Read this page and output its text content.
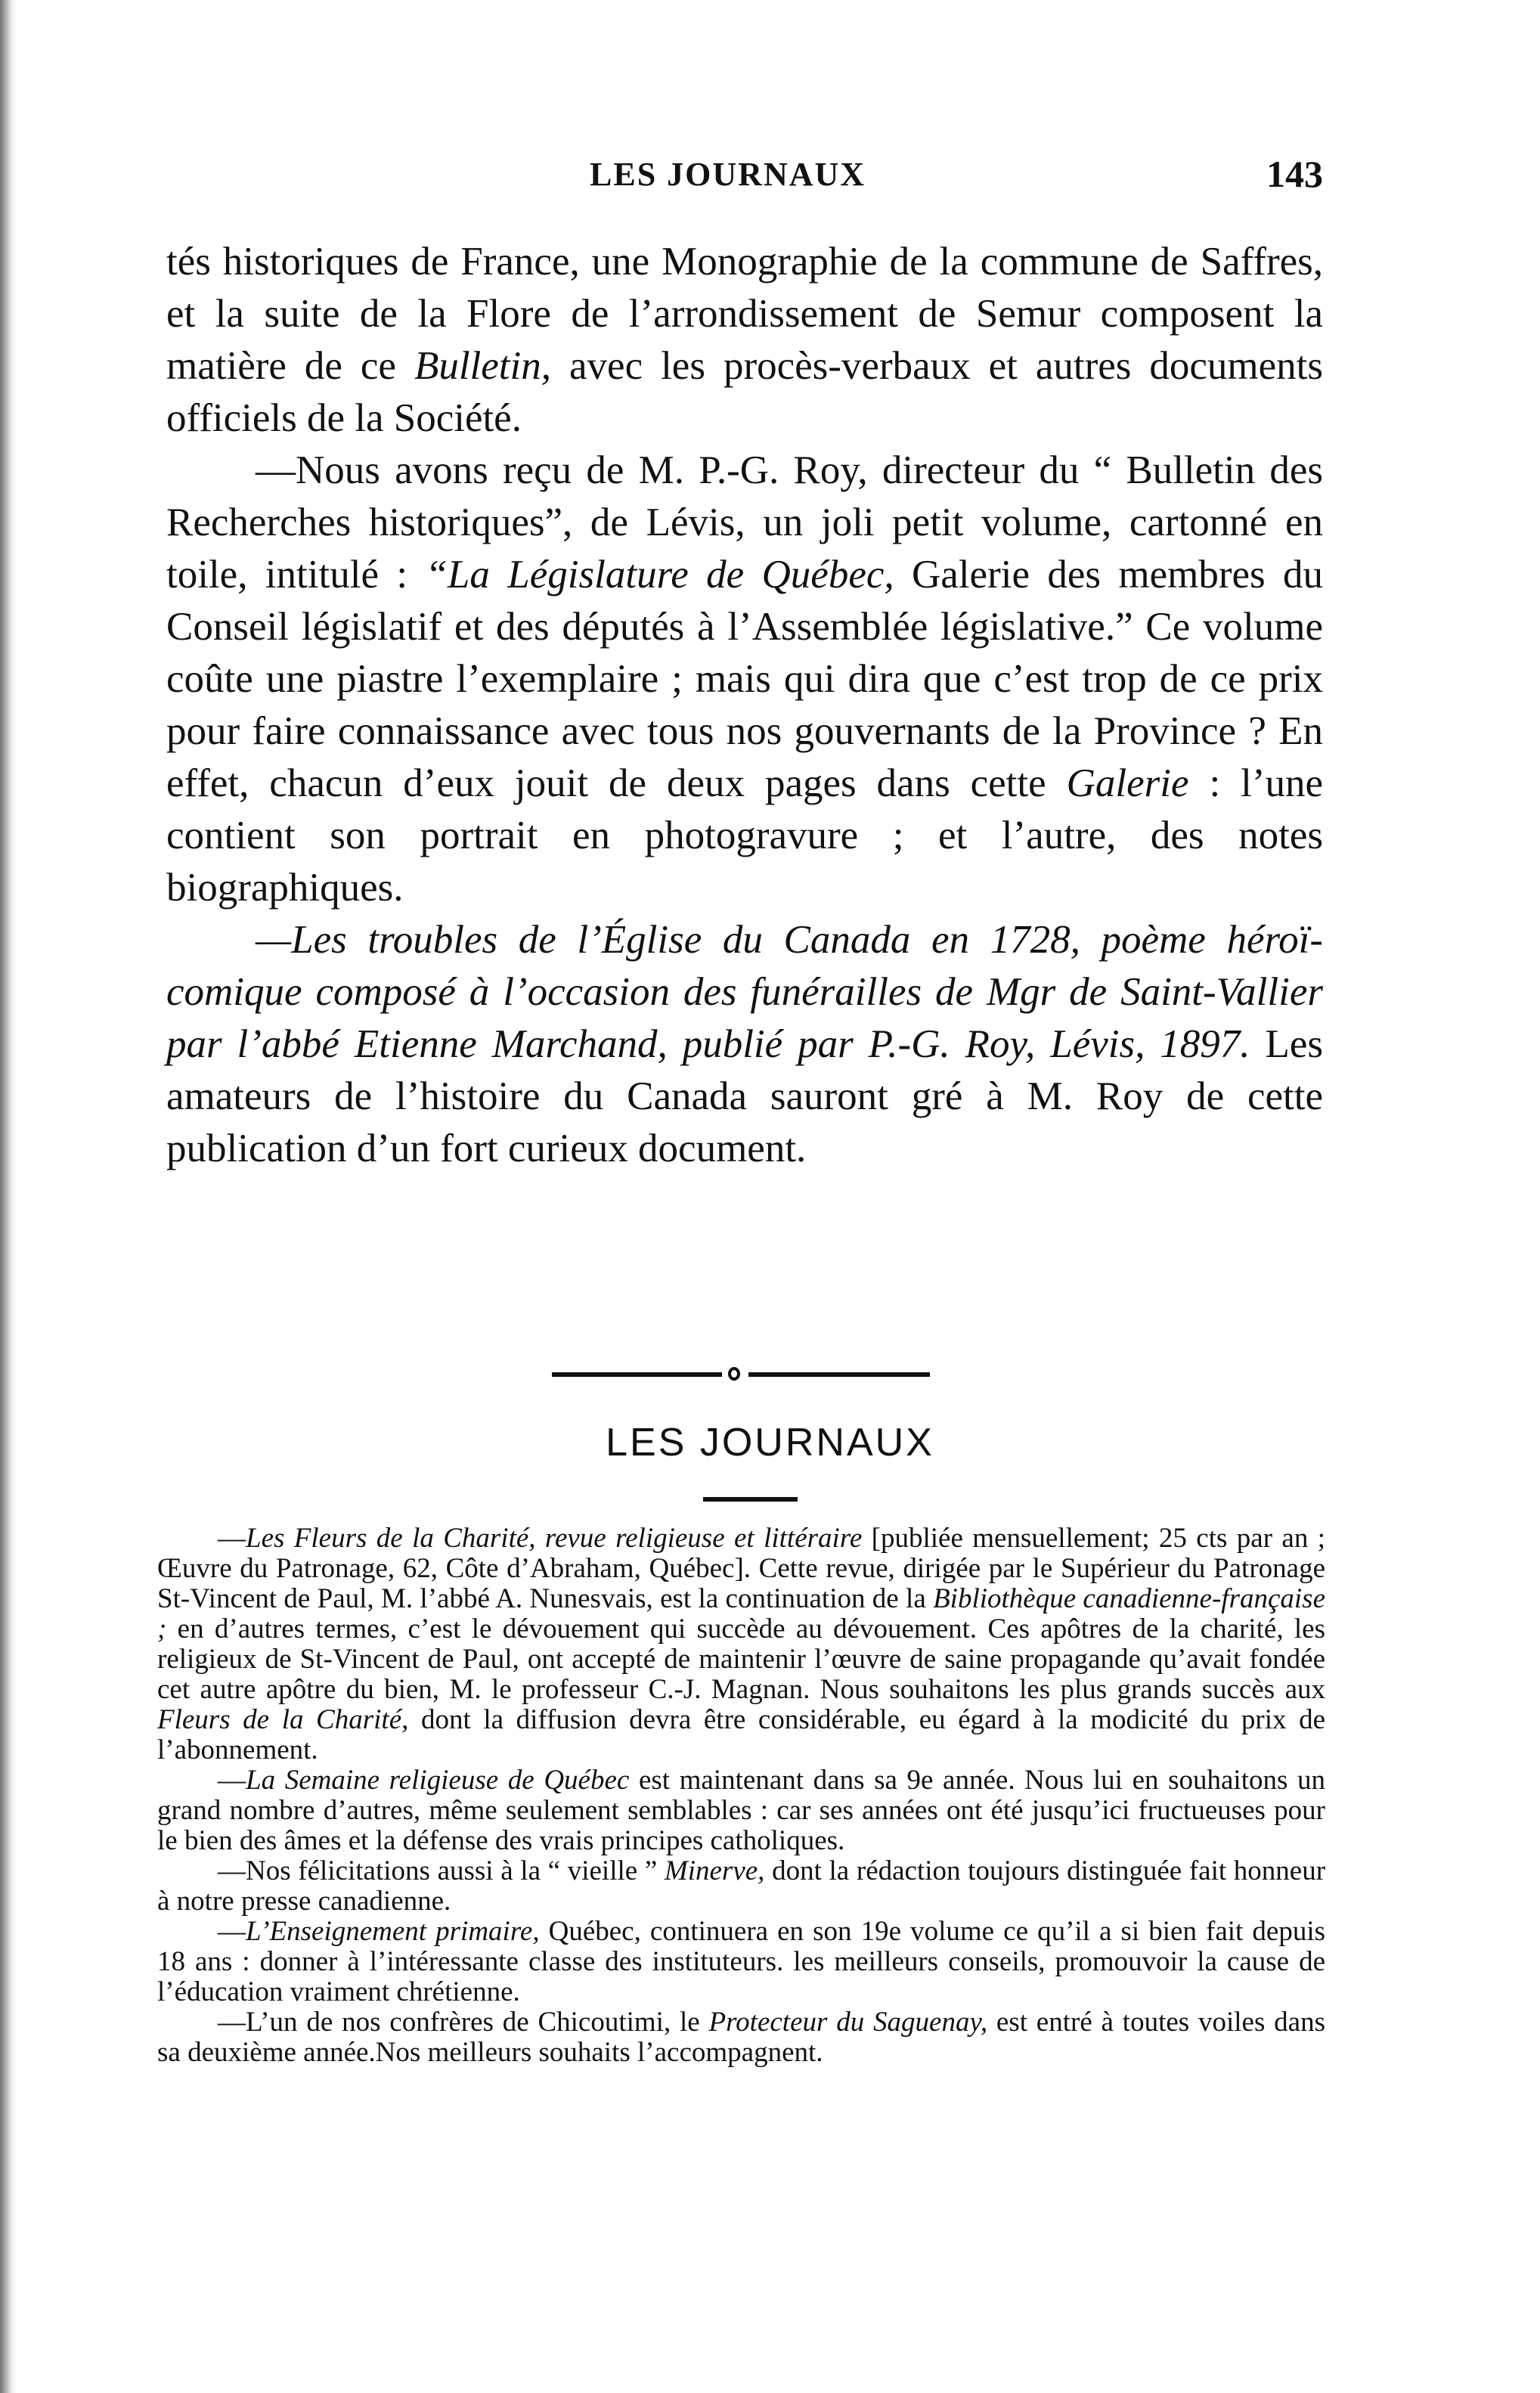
LES JOURNAUX	143

tés historiques de France, une Monographie de la commune de Saffres, et la suite de la Flore de l’arrondissement de Semur composent la matière de ce Bulletin, avec les procès-verbaux et autres documents officiels de la Société.

—Nous avons reçu de M. P.-G. Roy, directeur du “ Bulletin des Recherches historiques”, de Lévis, un joli petit volume, cartonné en toile, intitulé : “La Législature de Québec, Galerie des membres du Conseil législatif et des députés à l’Assemblée législative.” Ce volume coûte une piastre l’exemplaire ; mais qui dira que c’est trop de ce prix pour faire connaissance avec tous nos gouvernants de la Province ? En effet, chacun d’eux jouit de deux pages dans cette Galerie : l’une contient son portrait en photogravure ; et l’autre, des notes biographiques.

—Les troubles de l’Église du Canada en 1728, poème héroï-comique composé à l’occasion des funérailles de Mgr de Saint-Vallier par l’abbé Etienne Marchand, publié par P.-G. Roy, Lévis, 1897. Les amateurs de l’histoire du Canada sauront gré à M. Roy de cette publication d’un fort curieux document.

LES JOURNAUX

—Les Fleurs de la Charité, revue religieuse et littéraire [publiée mensuellement; 25 cts par an ; Œuvre du Patronage, 62, Côte d’Abraham, Québec]. Cette revue, dirigée par le Supérieur du Patronage St-Vincent de Paul, M. l’abbé A. Nunesvais, est la continuation de la Bibliothèque canadienne-française ; en d’autres termes, c’est le dévouement qui succède au dévouement. Ces apôtres de la charité, les religieux de St-Vincent de Paul, ont accepté de maintenir l’œuvre de saine propagande qu’avait fondée cet autre apôtre du bien, M. le professeur C.-J. Magnan. Nous souhaitons les plus grands succès aux Fleurs de la Charité, dont la diffusion devra être considérable, eu égard à la modicité du prix de l’abonnement.

—La Semaine religieuse de Québec est maintenant dans sa 9e année. Nous lui en souhaitons un grand nombre d’autres, même seulement semblables : car ses années ont été jusqu’ici fructueuses pour le bien des âmes et la défense des vrais principes catholiques.

—Nos félicitations aussi à la “ vieille ” Minerve, dont la rédaction toujours distinguée fait honneur à notre presse canadienne.

—L’Enseignement primaire, Québec, continuera en son 19e volume ce qu’il a si bien fait depuis 18 ans : donner à l’intéressante classe des instituteurs. les meilleurs conseils, promouvoir la cause de l’éducation vraiment chrétienne.

—L’un de nos confrères de Chicoutimi, le Protecteur du Saguenay, est entré à toutes voiles dans sa deuxième année.Nos meilleurs souhaits l’accompagnent.
